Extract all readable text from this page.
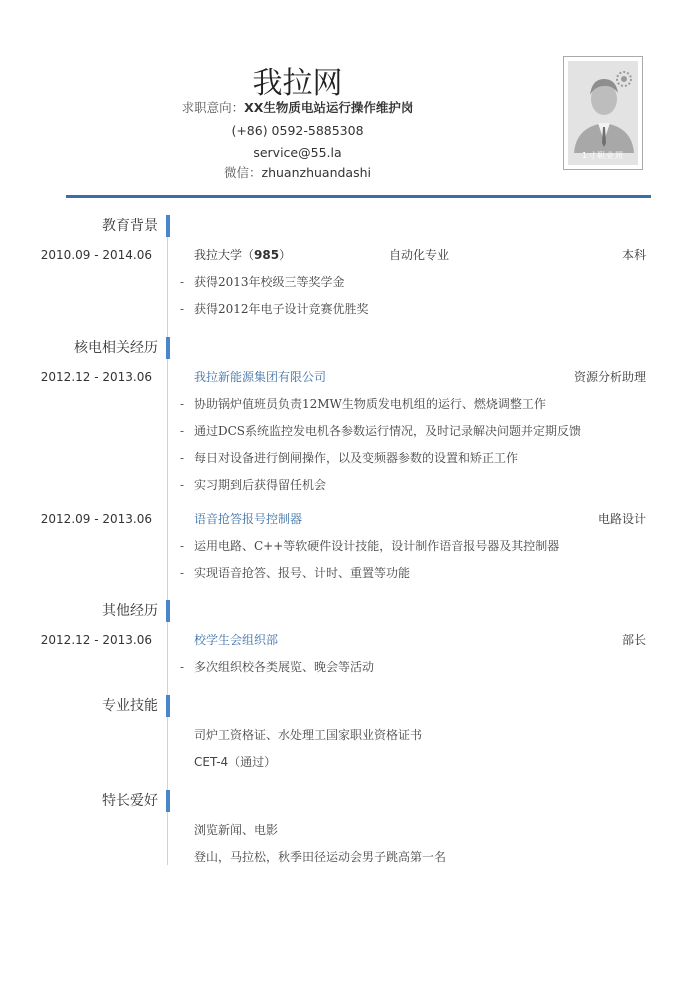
我拉网
求职意向：XX生物质电站运行操作维护岗
(+86) 0592-5885308
service@55.la
微信：zhuanzhuandashi
1寸职业照
教育背景
2010.09 - 2014.06	我拉大学（985）	自动化专业	本科
- 获得2013年校级三等奖学金
- 获得2012年电子设计竞赛优胜奖
核电相关经历
2012.12 - 2013.06	我拉新能源集团有限公司	资源分析助理
- 协助锅炉值班员负责12MW生物质发电机组的运行、燃烧调整工作
- 通过DCS系统监控发电机各参数运行情况，及时记录解决问题并定期反馈
- 每日对设备进行倒闸操作，以及变频器参数的设置和矫正工作
- 实习期到后获得留任机会
2012.09 - 2013.06	语音抢答报号控制器	电路设计
- 运用电路、C++等软硬件设计技能，设计制作语音报号器及其控制器
- 实现语音抢答、报号、计时、重置等功能
其他经历
2012.12 - 2013.06	校学生会组织部	部长
- 多次组织校各类展览、晚会等活动
专业技能
司炉工资格证、水处理工国家职业资格证书
CET-4（通过）
特长爱好
浏览新闻、电影
登山，马拉松，秋季田径运动会男子跳高第一名
